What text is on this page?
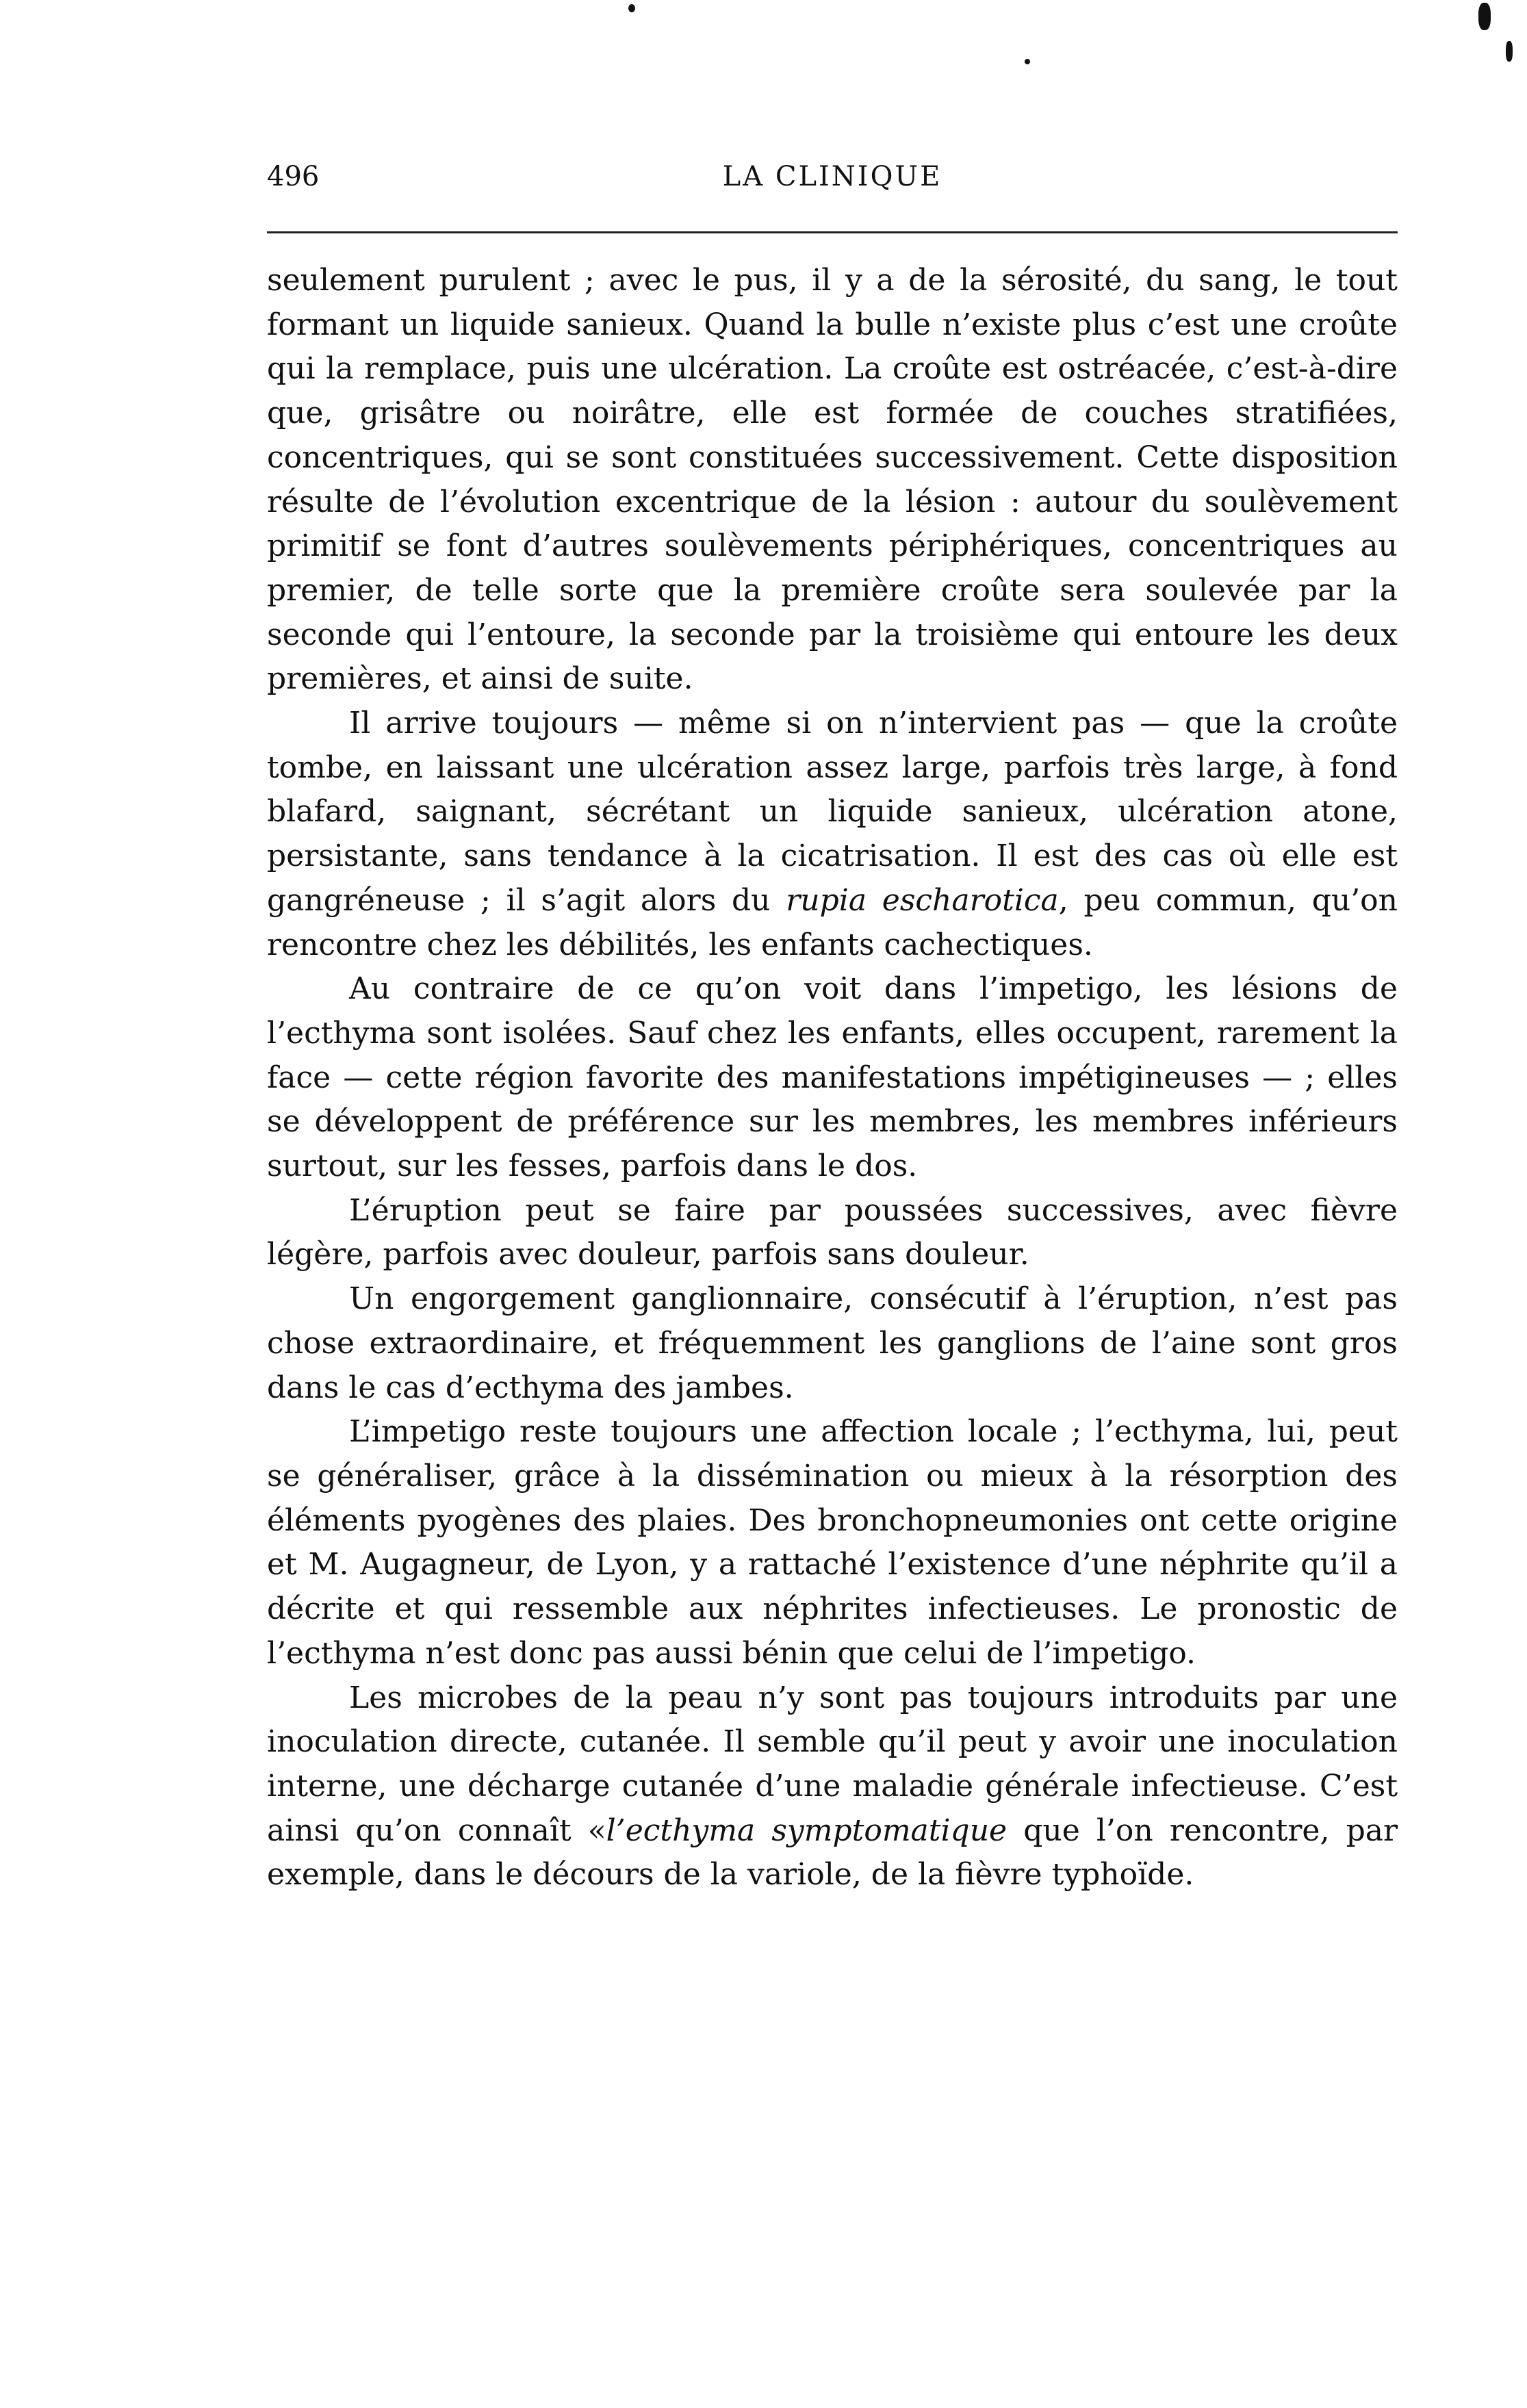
496	LA CLINIQUE

seulement purulent ; avec le pus, il y a de la sérosité, du sang, le tout formant un liquide sanieux. Quand la bulle n’existe plus c’est une croûte qui la remplace, puis une ulcération. La croûte est ostréacée, c’est-à-dire que, grisâtre ou noirâtre, elle est formée de couches stratifiées, concentriques, qui se sont constituées successivement. Cette disposition résulte de l’évolution excentrique de la lésion : autour du soulèvement primitif se font d’autres soulèvements périphériques, concentriques au premier, de telle sorte que la première croûte sera soulevée par la seconde qui l’entoure, la seconde par la troisième qui entoure les deux premières, et ainsi de suite.

Il arrive toujours — même si on n’intervient pas — que la croûte tombe, en laissant une ulcération assez large, parfois très large, à fond blafard, saignant, sécrétant un liquide sanieux, ulcération atone, persistante, sans tendance à la cicatrisation. Il est des cas où elle est gangréneuse ; il s’agit alors du rupia escharotica, peu commun, qu’on rencontre chez les débilités, les enfants cachectiques.

Au contraire de ce qu’on voit dans l’impetigo, les lésions de l’ecthyma sont isolées. Sauf chez les enfants, elles occupent, rarement la face — cette région favorite des manifestations impétigineuses — ; elles se développent de préférence sur les membres, les membres inférieurs surtout, sur les fesses, parfois dans le dos.

L’éruption peut se faire par poussées successives, avec fièvre légère, parfois avec douleur, parfois sans douleur.

Un engorgement ganglionnaire, consécutif à l’éruption, n’est pas chose extraordinaire, et fréquemment les ganglions de l’aine sont gros dans le cas d’ecthyma des jambes.

L’impetigo reste toujours une affection locale ; l’ecthyma, lui, peut se généraliser, grâce à la dissémination ou mieux à la résorption des éléments pyogènes des plaies. Des bronchopneumonies ont cette origine et M. Augagneur, de Lyon, y a rattaché l’existence d’une néphrite qu’il a décrite et qui ressemble aux néphrites infectieuses. Le pronostic de l’ecthyma n’est donc pas aussi bénin que celui de l’impetigo.

Les microbes de la peau n’y sont pas toujours introduits par une inoculation directe, cutanée. Il semble qu’il peut y avoir une inoculation interne, une décharge cutanée d’une maladie générale infectieuse. C’est ainsi qu’on connaît «l’ecthyma symptomatique que l’on rencontre, par exemple, dans le décours de la variole, de la fièvre typhoïde.
